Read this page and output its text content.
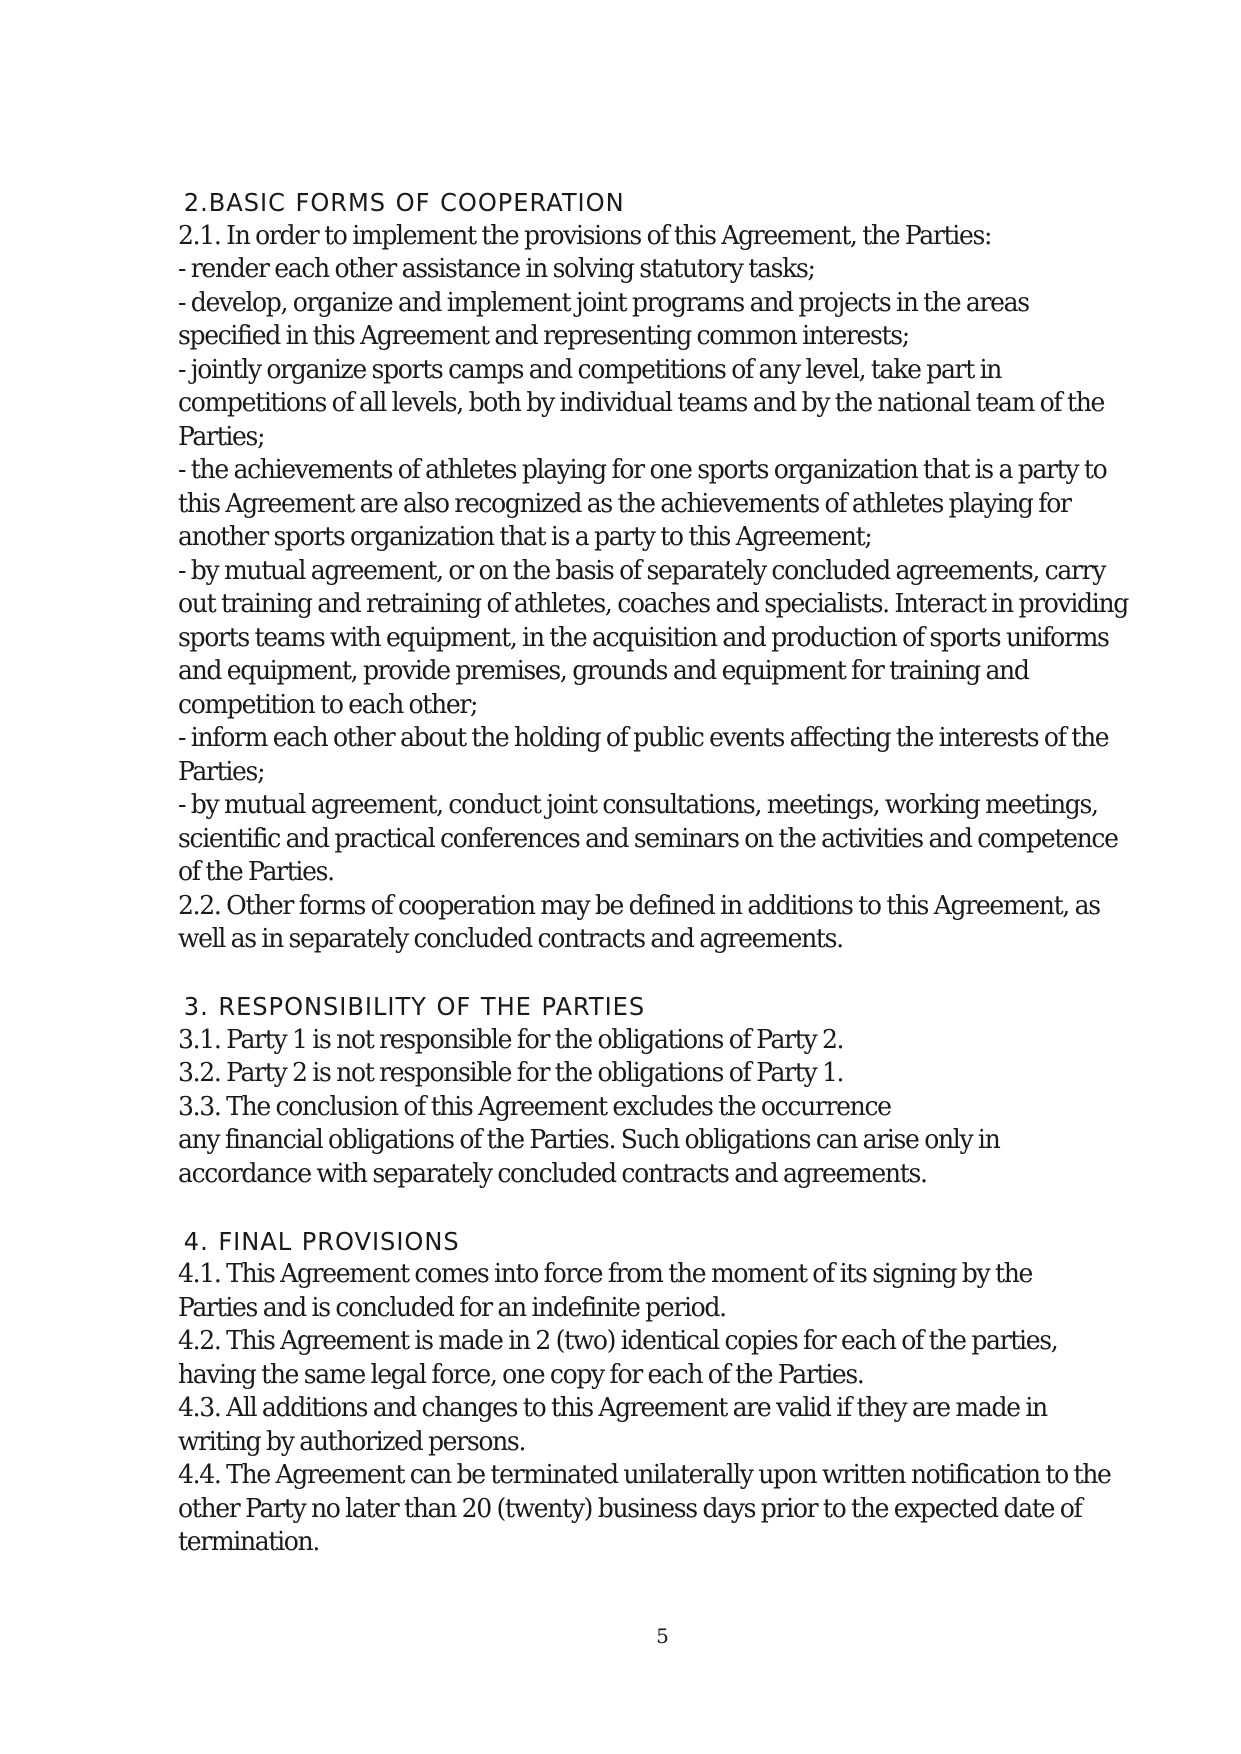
2.BASIC FORMS OF COOPERATION
2.1. In order to implement the provisions of this Agreement, the Parties:
- render each other assistance in solving statutory tasks;
- develop, organize and implement joint programs and projects in the areas
specified in this Agreement and representing common interests;
- jointly organize sports camps and competitions of any level, take part in
competitions of all levels, both by individual teams and by the national team of the
Parties;
- the achievements of athletes playing for one sports organization that is a party to
this Agreement are also recognized as the achievements of athletes playing for
another sports organization that is a party to this Agreement;
- by mutual agreement, or on the basis of separately concluded agreements, carry
out training and retraining of athletes, coaches and specialists. Interact in providing
sports teams with equipment, in the acquisition and production of sports uniforms
and equipment, provide premises, grounds and equipment for training and
competition to each other;
- inform each other about the holding of public events affecting the interests of the
Parties;
- by mutual agreement, conduct joint consultations, meetings, working meetings,
scientific and practical conferences and seminars on the activities and competence
of the Parties.
2.2. Other forms of cooperation may be defined in additions to this Agreement, as
well as in separately concluded contracts and agreements.
3. RESPONSIBILITY OF THE PARTIES
3.1. Party 1 is not responsible for the obligations of Party 2.
3.2. Party 2 is not responsible for the obligations of Party 1.
3.3. The conclusion of this Agreement excludes the occurrence
any financial obligations of the Parties. Such obligations can arise only in
accordance with separately concluded contracts and agreements.
4. FINAL PROVISIONS
4.1. This Agreement comes into force from the moment of its signing by the
Parties and is concluded for an indefinite period.
4.2. This Agreement is made in 2 (two) identical copies for each of the parties,
having the same legal force, one copy for each of the Parties.
4.3. All additions and changes to this Agreement are valid if they are made in
writing by authorized persons.
4.4. The Agreement can be terminated unilaterally upon written notification to the
other Party no later than 20 (twenty) business days prior to the expected date of
termination.
5
